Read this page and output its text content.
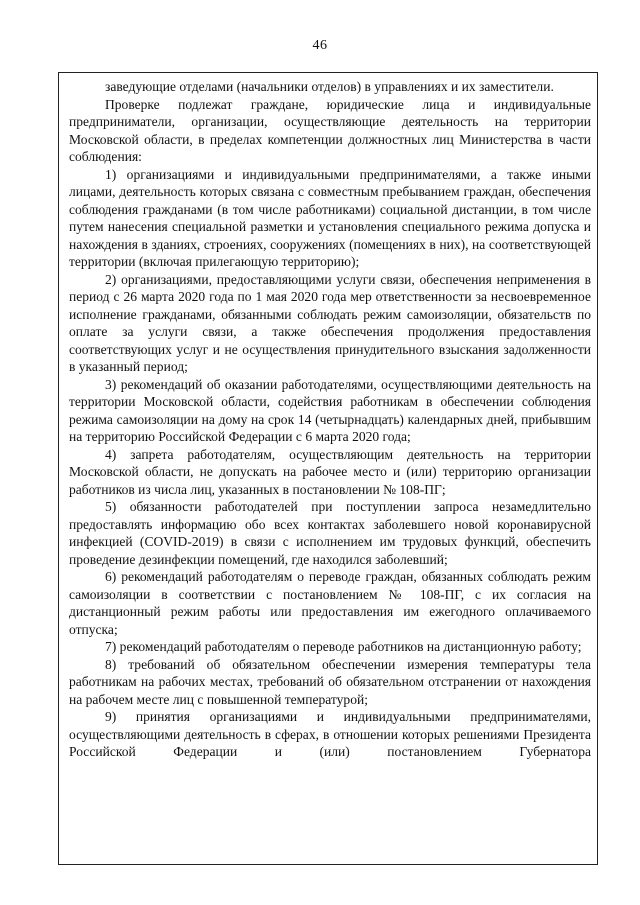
46

заведующие отделами (начальники отделов) в управлениях и их заместители.

Проверке подлежат граждане, юридические лица и индивидуальные предприниматели, организации, осуществляющие деятельность на территории Московской области, в пределах компетенции должностных лиц Министерства в части соблюдения:

1) организациями и индивидуальными предпринимателями, а также иными лицами, деятельность которых связана с совместным пребыванием граждан, обеспечения соблюдения гражданами (в том числе работниками) социальной дистанции, в том числе путем нанесения специальной разметки и установления специального режима допуска и нахождения в зданиях, строениях, сооружениях (помещениях в них), на соответствующей территории (включая прилегающую территорию);

2) организациями, предоставляющими услуги связи, обеспечения неприменения в период с 26 марта 2020 года по 1 мая 2020 года мер ответственности за несвоевременное исполнение гражданами, обязанными соблюдать режим самоизоляции, обязательств по оплате за услуги связи, а также обеспечения продолжения предоставления соответствующих услуг и не осуществления принудительного взыскания задолженности в указанный период;

3) рекомендаций об оказании работодателями, осуществляющими деятельность на территории Московской области, содействия работникам в обеспечении соблюдения режима самоизоляции на дому на срок 14 (четырнадцать) календарных дней, прибывшим на территорию Российской Федерации с 6 марта 2020 года;

4) запрета работодателям, осуществляющим деятельность на территории Московской области, не допускать на рабочее место и (или) территорию организации работников из числа лиц, указанных в постановлении № 108-ПГ;

5) обязанности работодателей при поступлении запроса незамедлительно предоставлять информацию обо всех контактах заболевшего новой коронавирусной инфекцией (COVID-2019) в связи с исполнением им трудовых функций, обеспечить проведение дезинфекции помещений, где находился заболевший;

6) рекомендаций работодателям о переводе граждан, обязанных соблюдать режим самоизоляции в соответствии с постановлением № 108-ПГ, с их согласия на дистанционный режим работы или предоставления им ежегодного оплачиваемого отпуска;

7) рекомендаций работодателям о переводе работников на дистанционную работу;

8) требований об обязательном обеспечении измерения температуры тела работникам на рабочих местах, требований об обязательном отстранении от нахождения на рабочем месте лиц с повышенной температурой;

9) принятия организациями и индивидуальными предпринимателями, осуществляющими деятельность в сферах, в отношении которых решениями Президента Российской Федерации и (или) постановлением Губернатора
